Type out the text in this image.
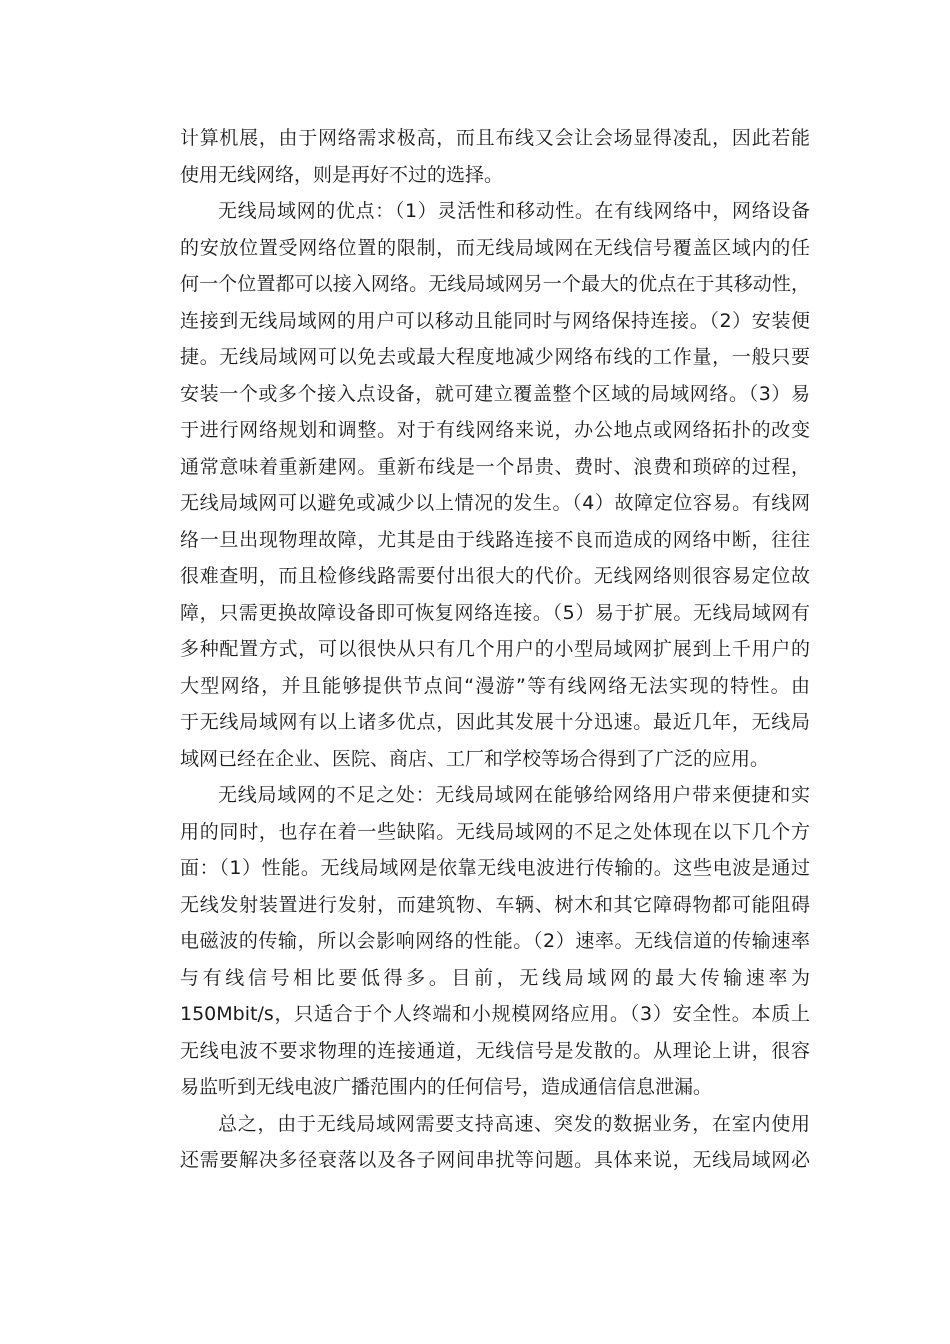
计算机展，由于网络需求极高，而且布线又会让会场显得凌乱，因此若能
使用无线网络，则是再好不过的选择。
无线局域网的优点：（1）灵活性和移动性。在有线网络中，网络设备
的安放位置受网络位置的限制，而无线局域网在无线信号覆盖区域内的任
何一个位置都可以接入网络。无线局域网另一个最大的优点在于其移动性，
连接到无线局域网的用户可以移动且能同时与网络保持连接。（2）安装便
捷。无线局域网可以免去或最大程度地减少网络布线的工作量，一般只要
安装一个或多个接入点设备，就可建立覆盖整个区域的局域网络。（3）易
于进行网络规划和调整。对于有线网络来说，办公地点或网络拓扑的改变
通常意味着重新建网。重新布线是一个昂贵、费时、浪费和琐碎的过程，
无线局域网可以避免或减少以上情况的发生。（4）故障定位容易。有线网
络一旦出现物理故障，尤其是由于线路连接不良而造成的网络中断，往往
很难查明，而且检修线路需要付出很大的代价。无线网络则很容易定位故
障，只需更换故障设备即可恢复网络连接。（5）易于扩展。无线局域网有
多种配置方式，可以很快从只有几个用户的小型局域网扩展到上千用户的
大型网络，并且能够提供节点间“漫游”等有线网络无法实现的特性。由
于无线局域网有以上诸多优点，因此其发展十分迅速。最近几年，无线局
域网已经在企业、医院、商店、工厂和学校等场合得到了广泛的应用。
无线局域网的不足之处：无线局域网在能够给网络用户带来便捷和实
用的同时，也存在着一些缺陷。无线局域网的不足之处体现在以下几个方
面：（1）性能。无线局域网是依靠无线电波进行传输的。这些电波是通过
无线发射装置进行发射，而建筑物、车辆、树木和其它障碍物都可能阻碍
电磁波的传输，所以会影响网络的性能。（2）速率。无线信道的传输速率
与有线信号相比要低得多。目前，无线局域网的最大传输速率为
150Mbit/s，只适合于个人终端和小规模网络应用。（3）安全性。本质上
无线电波不要求物理的连接通道，无线信号是发散的。从理论上讲，很容
易监听到无线电波广播范围内的任何信号，造成通信信息泄漏。
总之，由于无线局域网需要支持高速、突发的数据业务，在室内使用
还需要解决多径衰落以及各子网间串扰等问题。具体来说，无线局域网必
